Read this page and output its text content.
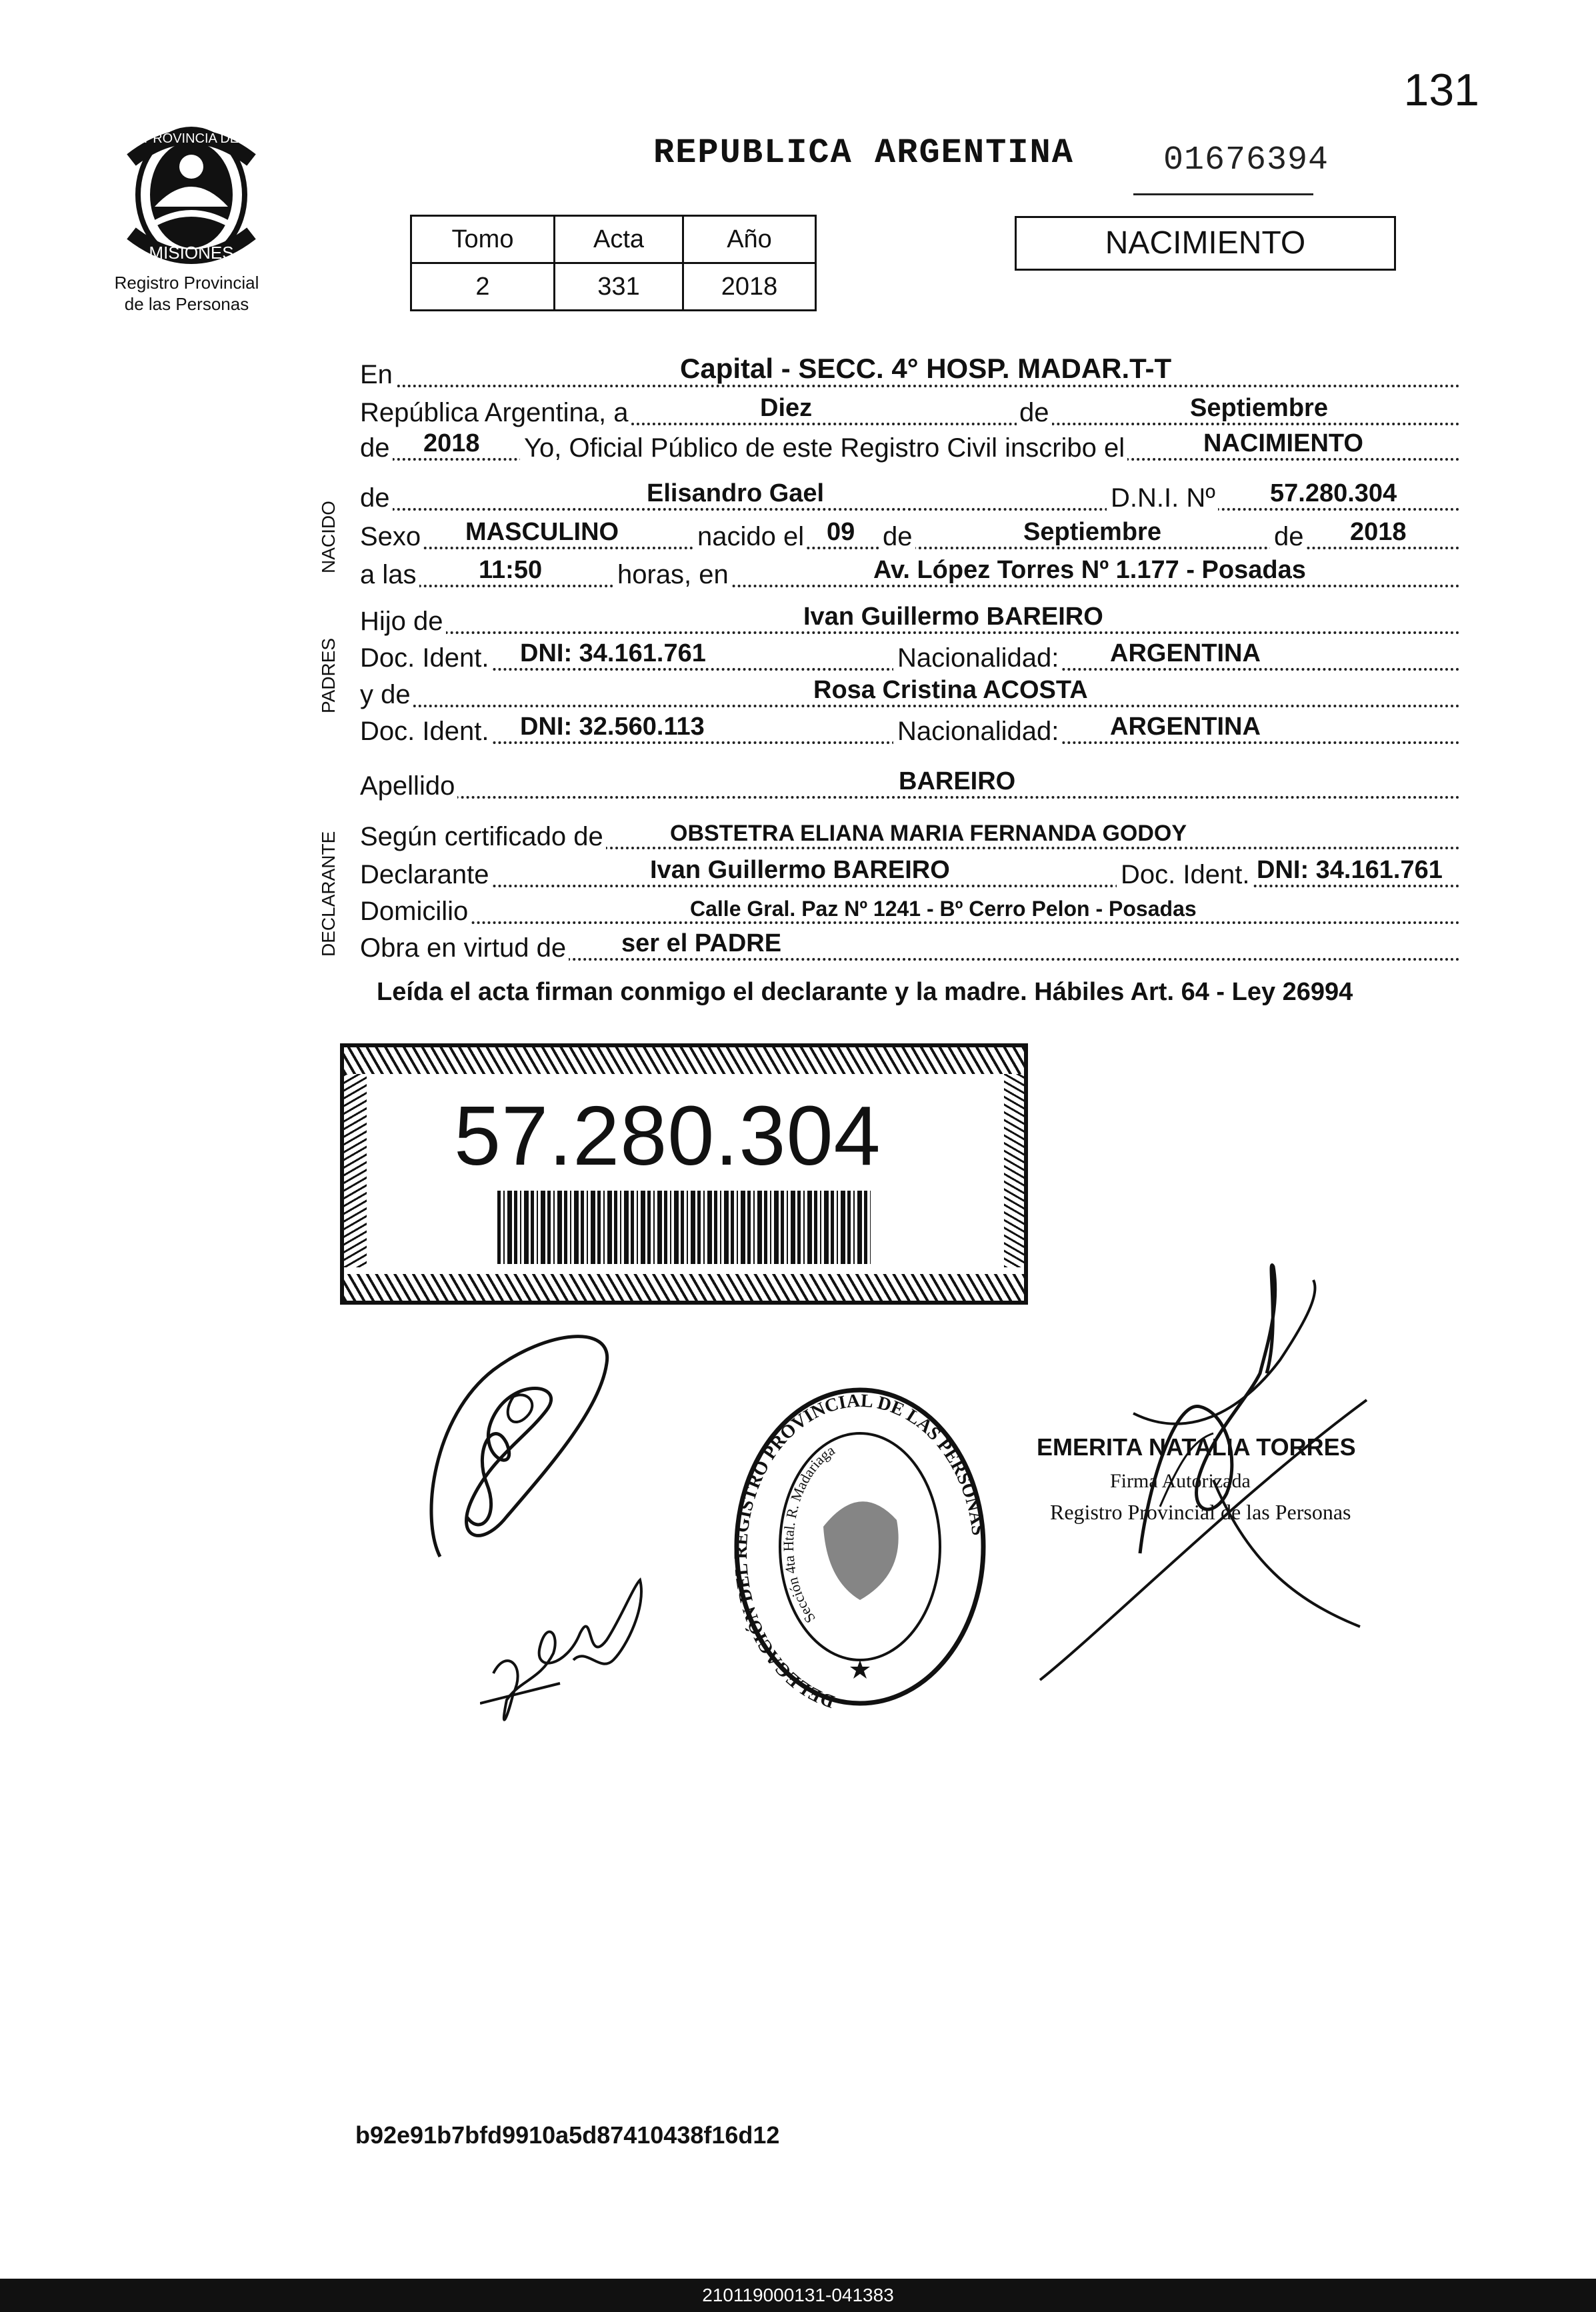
131
PROVINCIA DE
MISIONES
Registro Provincial
de las Personas
REPUBLICA ARGENTINA	01676394
Tomo	Acta	Año
2	331	2018
NACIMIENTO
NACIDO
PADRES
DECLARANTE
En	Capital - SECC. 4° HOSP. MADAR.T-T
República Argentina, a	Diez	de	Septiembre
de 2018 Yo, Oficial Público de este Registro Civil inscribo el	NACIMIENTO
de	Elisandro Gael	D.N.I. Nº 57.280.304
Sexo MASCULINO	nacido el 09 de	Septiembre	de 2018
a las 11:50	horas, en	Av. López Torres Nº 1.177 - Posadas
Hijo de	Ivan Guillermo BAREIRO
Doc. Ident. DNI: 34.161.761	Nacionalidad: ARGENTINA
y de	Rosa Cristina ACOSTA
Doc. Ident. DNI: 32.560.113	Nacionalidad: ARGENTINA
Apellido	BAREIRO
Según certificado de	OBSTETRA ELIANA MARIA FERNANDA GODOY
Declarante	Ivan Guillermo BAREIRO	Doc. Ident. DNI: 34.161.761
Domicilio	Calle Gral. Paz Nº 1241 - Bº Cerro Pelon - Posadas
Obra en virtud de ser el PADRE
Leída el acta firman conmigo el declarante y la madre. Hábiles Art. 64 - Ley 26994
57.280.304
DELEGACIÓN DEL REGISTRO PROVINCIAL DE LAS PERSONAS
Sección 4ta Htal. R. Madariaga	EMERITA NATALIA TORRES
Firma Autorizada
Registro Provincial de las Personas
b92e91b7bfd9910a5d87410438f16d12
210119000131-041383
